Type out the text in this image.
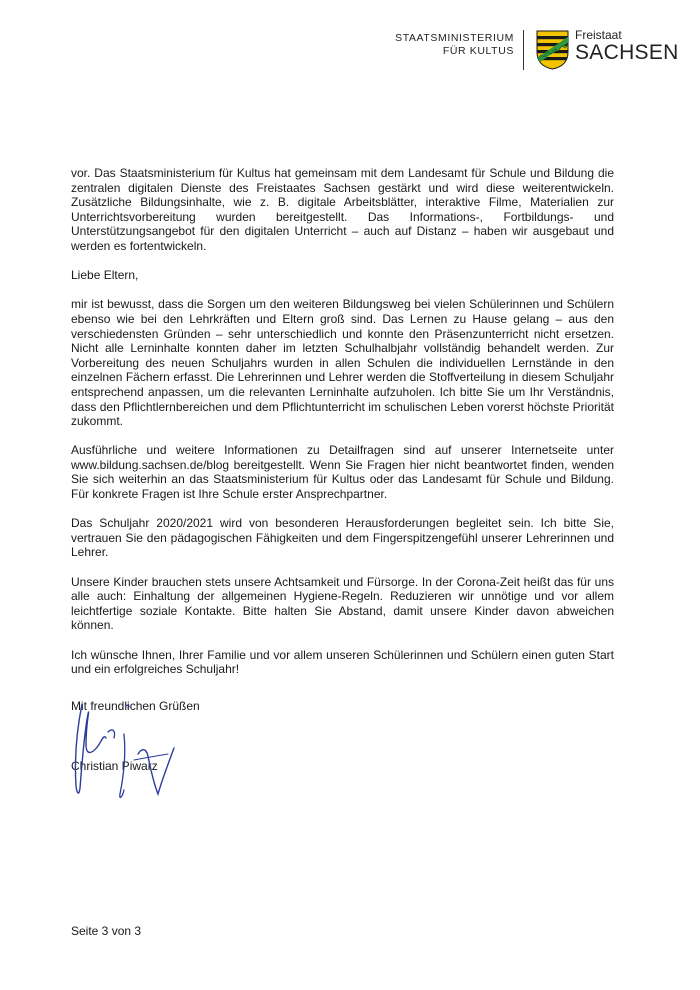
STAATSMINISTERIUM
FÜR KULTUS
Freistaat
SACHSEN

vor. Das Staatsministerium für Kultus hat gemeinsam mit dem Landesamt für Schule und Bildung die zentralen digitalen Dienste des Freistaates Sachsen gestärkt und wird diese weiterentwickeln. Zusätzliche Bildungsinhalte, wie z. B. digitale Arbeitsblätter, interaktive Filme, Materialien zur Unterrichtsvorbereitung wurden bereitgestellt. Das Informations-, Fortbildungs- und Unterstützungsangebot für den digitalen Unterricht – auch auf Distanz – haben wir ausgebaut und werden es fortentwickeln.

Liebe Eltern,

mir ist bewusst, dass die Sorgen um den weiteren Bildungsweg bei vielen Schülerinnen und Schülern ebenso wie bei den Lehrkräften und Eltern groß sind. Das Lernen zu Hause gelang – aus den verschiedensten Gründen – sehr unterschiedlich und konnte den Präsenzunterricht nicht ersetzen. Nicht alle Lerninhalte konnten daher im letzten Schulhalbjahr vollständig behandelt werden. Zur Vorbereitung des neuen Schuljahrs wurden in allen Schulen die individuellen Lernstände in den einzelnen Fächern erfasst. Die Lehrerinnen und Lehrer werden die Stoffverteilung in diesem Schuljahr entsprechend anpassen, um die relevanten Lerninhalte aufzuholen. Ich bitte Sie um Ihr Verständnis, dass den Pflichtlernbereichen und dem Pflichtunterricht im schulischen Leben vorerst höchste Priorität zukommt.

Ausführliche und weitere Informationen zu Detailfragen sind auf unserer Internetseite unter www.bildung.sachsen.de/blog bereitgestellt. Wenn Sie Fragen hier nicht beantwortet finden, wenden Sie sich weiterhin an das Staatsministerium für Kultus oder das Landesamt für Schule und Bildung. Für konkrete Fragen ist Ihre Schule erster Ansprechpartner.

Das Schuljahr 2020/2021 wird von besonderen Herausforderungen begleitet sein. Ich bitte Sie, vertrauen Sie den pädagogischen Fähigkeiten und dem Fingerspitzengefühl unserer Lehrerinnen und Lehrer.

Unsere Kinder brauchen stets unsere Achtsamkeit und Fürsorge. In der Corona-Zeit heißt das für uns alle auch: Einhaltung der allgemeinen Hygiene-Regeln. Reduzieren wir unnötige und vor allem leichtfertige soziale Kontakte. Bitte halten Sie Abstand, damit unsere Kinder davon abweichen können.

Ich wünsche Ihnen, Ihrer Familie und vor allem unseren Schülerinnen und Schülern einen guten Start und ein erfolgreiches Schuljahr!

Mit freundlichen Grüßen
Christian Piwarz
Seite 3 von 3
